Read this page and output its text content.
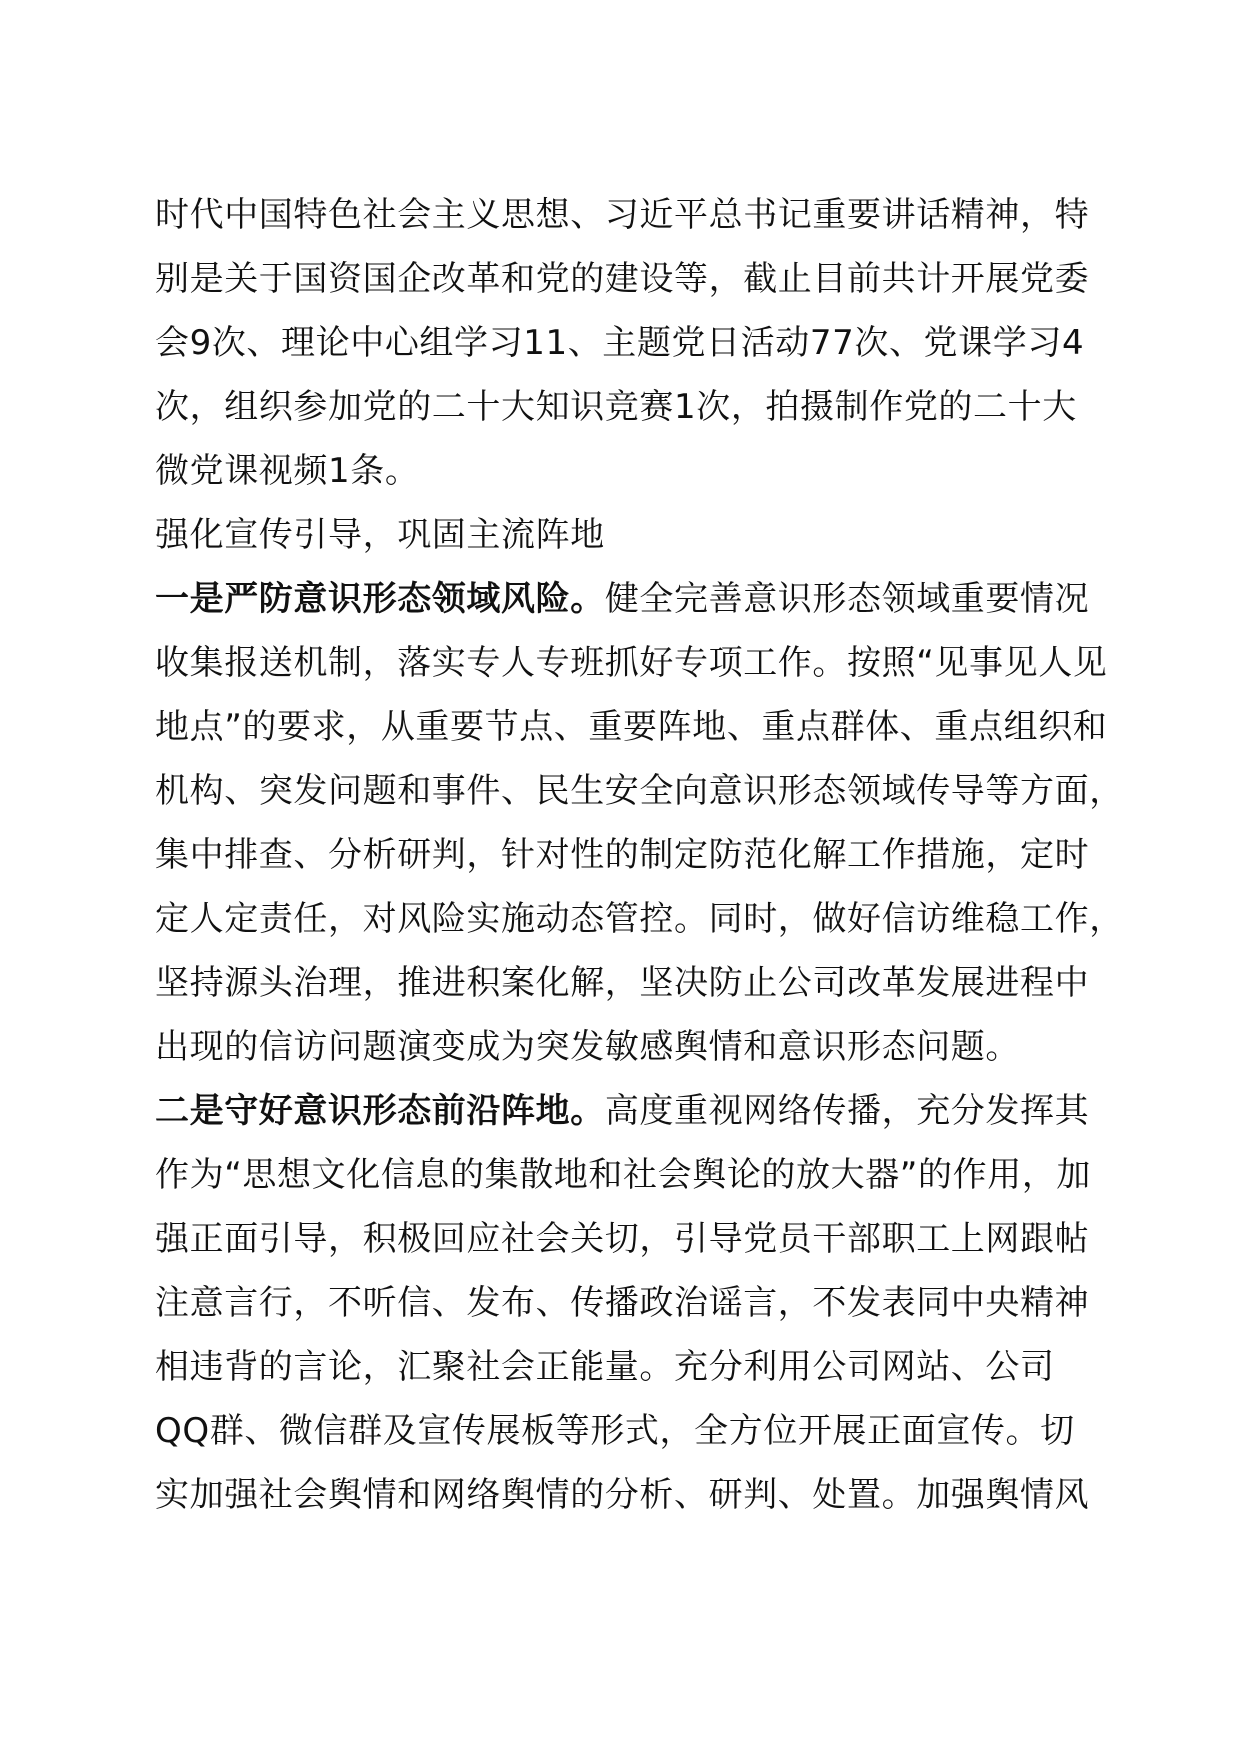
时代中国特色社会主义思想、习近平总书记重要讲话精神，特
别是关于国资国企改革和党的建设等，截止目前共计开展党委
会9次、理论中心组学习11、主题党日活动77次、党课学习4
次，组织参加党的二十大知识竞赛1次，拍摄制作党的二十大
微党课视频1条。
强化宣传引导，巩固主流阵地
一是严防意识形态领域风险。健全完善意识形态领域重要情况
收集报送机制，落实专人专班抓好专项工作。按照“见事见人见
地点”的要求，从重要节点、重要阵地、重点群体、重点组织和
机构、突发问题和事件、民生安全向意识形态领域传导等方面，
集中排查、分析研判，针对性的制定防范化解工作措施，定时
定人定责任，对风险实施动态管控。同时，做好信访维稳工作，
坚持源头治理，推进积案化解，坚决防止公司改革发展进程中
出现的信访问题演变成为突发敏感舆情和意识形态问题。
二是守好意识形态前沿阵地。高度重视网络传播，充分发挥其
作为“思想文化信息的集散地和社会舆论的放大器”的作用，加
强正面引导，积极回应社会关切，引导党员干部职工上网跟帖
注意言行，不听信、发布、传播政治谣言，不发表同中央精神
相违背的言论，汇聚社会正能量。充分利用公司网站、公司
QQ群、微信群及宣传展板等形式，全方位开展正面宣传。切
实加强社会舆情和网络舆情的分析、研判、处置。加强舆情风
